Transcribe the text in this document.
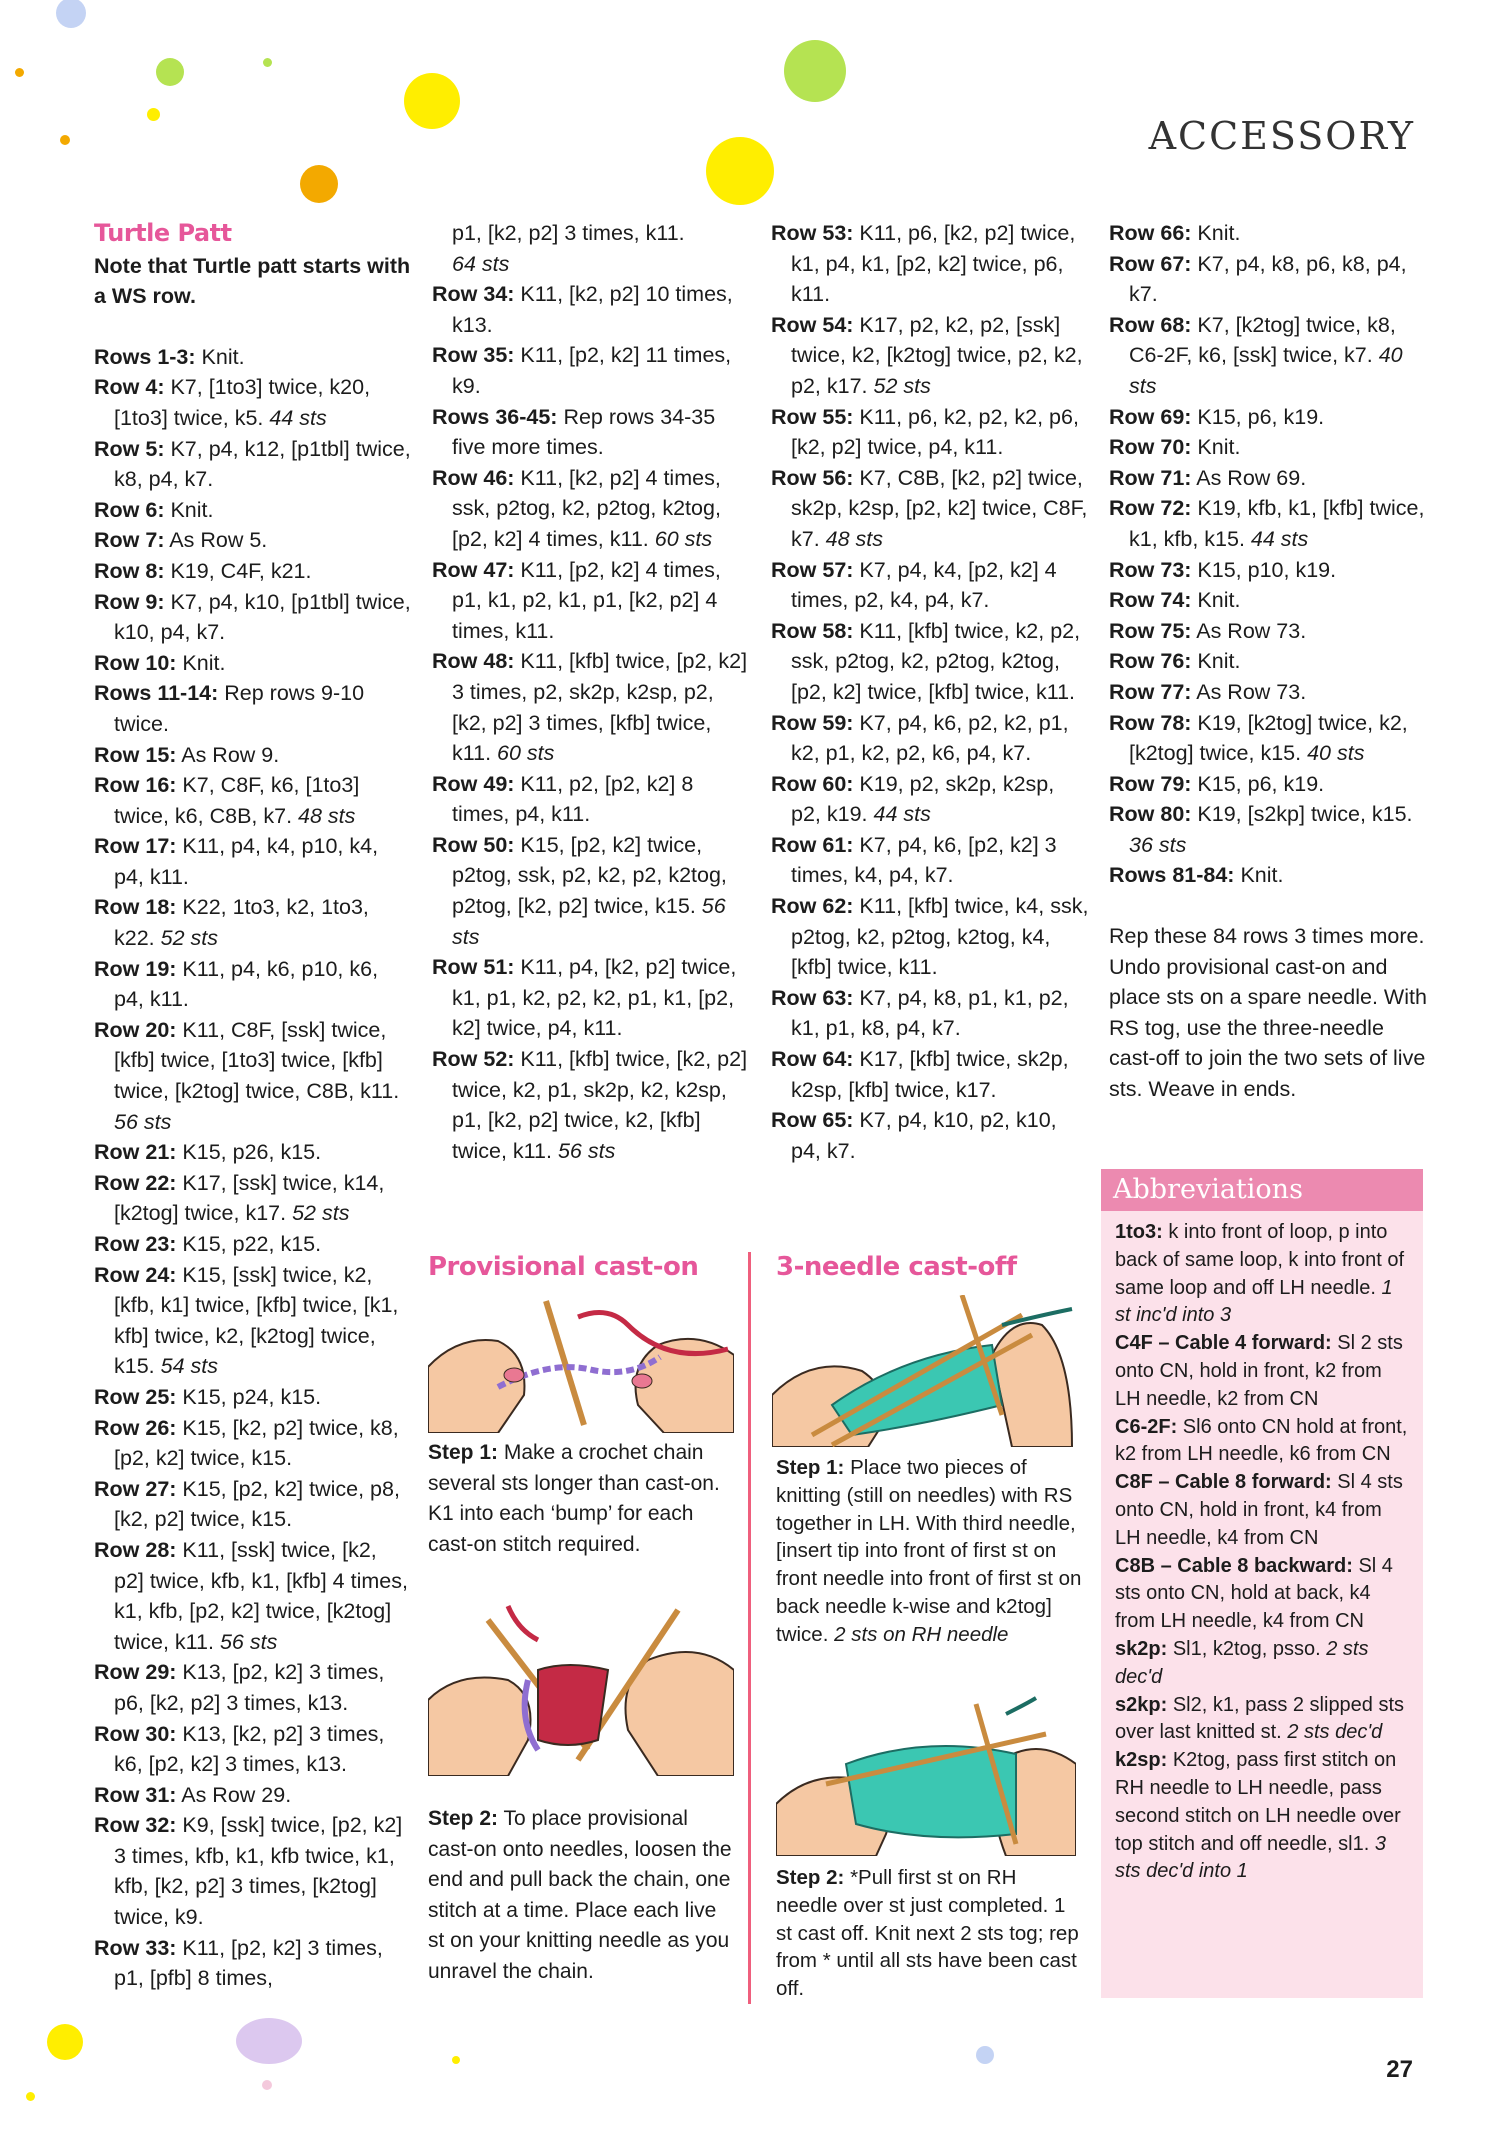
ACCESSORY
Turtle Patt

Note that Turtle patt starts with a WS row.

Rows 1-3: Knit.

Row 4: K7, [1to3] twice, k20, [1to3] twice, k5. 44 sts

Row 5: K7, p4, k12, [p1tbl] twice, k8, p4, k7.

Row 6: Knit.

Row 7: As Row 5.

Row 8: K19, C4F, k21.

Row 9: K7, p4, k10, [p1tbl] twice, k10, p4, k7.

Row 10: Knit.

Rows 11-14: Rep rows 9-10 twice.

Row 15: As Row 9.

Row 16: K7, C8F, k6, [1to3] twice, k6, C8B, k7. 48 sts

Row 17: K11, p4, k4, p10, k4, p4, k11.

Row 18: K22, 1to3, k2, 1to3, k22. 52 sts

Row 19: K11, p4, k6, p10, k6, p4, k11.

Row 20: K11, C8F, [ssk] twice, [kfb] twice, [1to3] twice, [kfb] twice, [k2tog] twice, C8B, k11. 56 sts

Row 21: K15, p26, k15.

Row 22: K17, [ssk] twice, k14, [k2tog] twice, k17. 52 sts

Row 23: K15, p22, k15.

Row 24: K15, [ssk] twice, k2, [kfb, k1] twice, [kfb] twice, [k1, kfb] twice, k2, [k2tog] twice, k15. 54 sts

Row 25: K15, p24, k15.

Row 26: K15, [k2, p2] twice, k8, [p2, k2] twice, k15.

Row 27: K15, [p2, k2] twice, p8, [k2, p2] twice, k15.

Row 28: K11, [ssk] twice, [k2, p2] twice, kfb, k1, [kfb] 4 times, k1, kfb, [p2, k2] twice, [k2tog] twice, k11. 56 sts

Row 29: K13, [p2, k2] 3 times, p6, [k2, p2] 3 times, k13.

Row 30: K13, [k2, p2] 3 times, k6, [p2, k2] 3 times, k13.

Row 31: As Row 29.

Row 32: K9, [ssk] twice, [p2, k2] 3 times, kfb, k1, kfb twice, k1, kfb, [k2, p2] 3 times, [k2tog] twice, k9.

Row 33: K11, [p2, k2] 3 times, p1, [pfb] 8 times,

p1, [k2, p2] 3 times, k11.
64 sts

Row 34: K11, [k2, p2] 10 times, k13.

Row 35: K11, [p2, k2] 11 times, k9.

Rows 36-45: Rep rows 34-35 five more times.

Row 46: K11, [k2, p2] 4 times, ssk, p2tog, k2, p2tog, k2tog, [p2, k2] 4 times, k11. 60 sts

Row 47: K11, [p2, k2] 4 times, p1, k1, p2, k1, p1, [k2, p2] 4 times, k11.

Row 48: K11, [kfb] twice, [p2, k2] 3 times, p2, sk2p, k2sp, p2, [k2, p2] 3 times, [kfb] twice, k11. 60 sts

Row 49: K11, p2, [p2, k2] 8 times, p4, k11.

Row 50: K15, [p2, k2] twice, p2tog, ssk, p2, k2, p2, k2tog, p2tog, [k2, p2] twice, k15. 56 sts

Row 51: K11, p4, [k2, p2] twice, k1, p1, k2, p2, k2, p1, k1, [p2, k2] twice, p4, k11.

Row 52: K11, [kfb] twice, [k2, p2] twice, k2, p1, sk2p, k2, k2sp, p1, [k2, p2] twice, k2, [kfb] twice, k11. 56 sts

Row 53: K11, p6, [k2, p2] twice, k1, p4, k1, [p2, k2] twice, p6, k11.

Row 54: K17, p2, k2, p2, [ssk] twice, k2, [k2tog] twice, p2, k2, p2, k17. 52 sts

Row 55: K11, p6, k2, p2, k2, p6, [k2, p2] twice, p4, k11.

Row 56: K7, C8B, [k2, p2] twice, sk2p, k2sp, [p2, k2] twice, C8F, k7. 48 sts

Row 57: K7, p4, k4, [p2, k2] 4 times, p2, k4, p4, k7.

Row 58: K11, [kfb] twice, k2, p2, ssk, p2tog, k2, p2tog, k2tog, [p2, k2] twice, [kfb] twice, k11.

Row 59: K7, p4, k6, p2, k2, p1, k2, p1, k2, p2, k6, p4, k7.

Row 60: K19, p2, sk2p, k2sp, p2, k19. 44 sts

Row 61: K7, p4, k6, [p2, k2] 3 times, k4, p4, k7.

Row 62: K11, [kfb] twice, k4, ssk, p2tog, k2, p2tog, k2tog, k4, [kfb] twice, k11.

Row 63: K7, p4, k8, p1, k1, p2, k1, p1, k8, p4, k7.

Row 64: K17, [kfb] twice, sk2p, k2sp, [kfb] twice, k17.

Row 65: K7, p4, k10, p2, k10, p4, k7.

Row 66: Knit.

Row 67: K7, p4, k8, p6, k8, p4, k7.

Row 68: K7, [k2tog] twice, k8, C6-2F, k6, [ssk] twice, k7. 40 sts

Row 69: K15, p6, k19.

Row 70: Knit.

Row 71: As Row 69.

Row 72: K19, kfb, k1, [kfb] twice, k1, kfb, k15. 44 sts

Row 73: K15, p10, k19.

Row 74: Knit.

Row 75: As Row 73.

Row 76: Knit.

Row 77: As Row 73.

Row 78: K19, [k2tog] twice, k2, [k2tog] twice, k15. 40 sts

Row 79: K15, p6, k19.

Row 80: K19, [s2kp] twice, k15. 36 sts

Rows 81-84: Knit.

Rep these 84 rows 3 times more.

Undo provisional cast-on and place sts on a spare needle. With RS tog, use the three-needle cast-off to join the two sets of live sts. Weave in ends.

Provisional cast-on

Step 1: Make a crochet chain several sts longer than cast-on. K1 into each ‘bump’ for each cast-on stitch required.

Step 2: To place provisional cast-on onto needles, loosen the end and pull back the chain, one stitch at a time. Place each live st on your knitting needle as you unravel the chain.

3-needle cast-off

Step 1: Place two pieces of knitting (still on needles) with RS together in LH. With third needle, [insert tip into front of first st on front needle into front of first st on back needle k-wise and k2tog] twice. 2 sts on RH needle

Step 2: *Pull first st on RH needle over st just completed. 1 st cast off. Knit next 2 sts tog; rep from * until all sts have been cast off.

Abbreviations

1to3: k into front of loop, p into back of same loop, k into front of same loop and off LH needle. 1 st inc'd into 3

C4F – Cable 4 forward: Sl 2 sts onto CN, hold in front, k2 from LH needle, k2 from CN

C6-2F: Sl6 onto CN hold at front, k2 from LH needle, k6 from CN

C8F – Cable 8 forward: Sl 4 sts onto CN, hold in front, k4 from LH needle, k4 from CN

C8B – Cable 8 backward: Sl 4 sts onto CN, hold at back, k4 from LH needle, k4 from CN

sk2p: Sl1, k2tog, psso. 2 sts dec'd

s2kp: Sl2, k1, pass 2 slipped sts over last knitted st. 2 sts dec'd

k2sp: K2tog, pass first stitch on RH needle to LH needle, pass second stitch on LH needle over top stitch and off needle, sl1. 3 sts dec'd into 1

27
